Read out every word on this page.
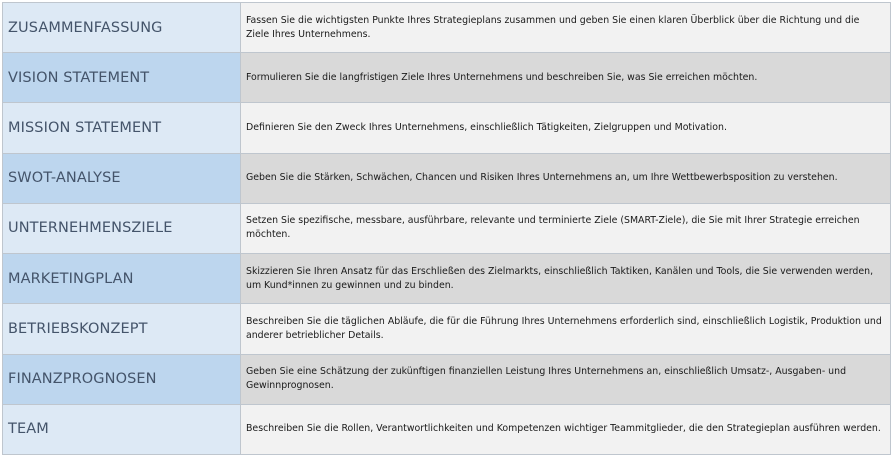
ZUSAMMENFASSUNG	Fassen Sie die wichtigsten Punkte Ihres Strategieplans zusammen und geben Sie einen klaren Überblick über die Richtung und die Ziele Ihres Unternehmens.
VISION STATEMENT	Formulieren Sie die langfristigen Ziele Ihres Unternehmens und beschreiben Sie, was Sie erreichen möchten.
MISSION STATEMENT	Definieren Sie den Zweck Ihres Unternehmens, einschließlich Tätigkeiten, Zielgruppen und Motivation.
SWOT-ANALYSE	Geben Sie die Stärken, Schwächen, Chancen und Risiken Ihres Unternehmens an, um Ihre Wettbewerbsposition zu verstehen.
UNTERNEHMENSZIELE	Setzen Sie spezifische, messbare, ausführbare, relevante und terminierte Ziele (SMART-Ziele), die Sie mit Ihrer Strategie erreichen möchten.
MARKETINGPLAN	Skizzieren Sie Ihren Ansatz für das Erschließen des Zielmarkts, einschließlich Taktiken, Kanälen und Tools, die Sie verwenden werden, um Kund*innen zu gewinnen und zu binden.
BETRIEBSKONZEPT	Beschreiben Sie die täglichen Abläufe, die für die Führung Ihres Unternehmens erforderlich sind, einschließlich Logistik, Produktion und anderer betrieblicher Details.
FINANZPROGNOSEN	Geben Sie eine Schätzung der zukünftigen finanziellen Leistung Ihres Unternehmens an, einschließlich Umsatz-, Ausgaben- und Gewinnprognosen.
TEAM	Beschreiben Sie die Rollen, Verantwortlichkeiten und Kompetenzen wichtiger Teammitglieder, die den Strategieplan ausführen werden.
